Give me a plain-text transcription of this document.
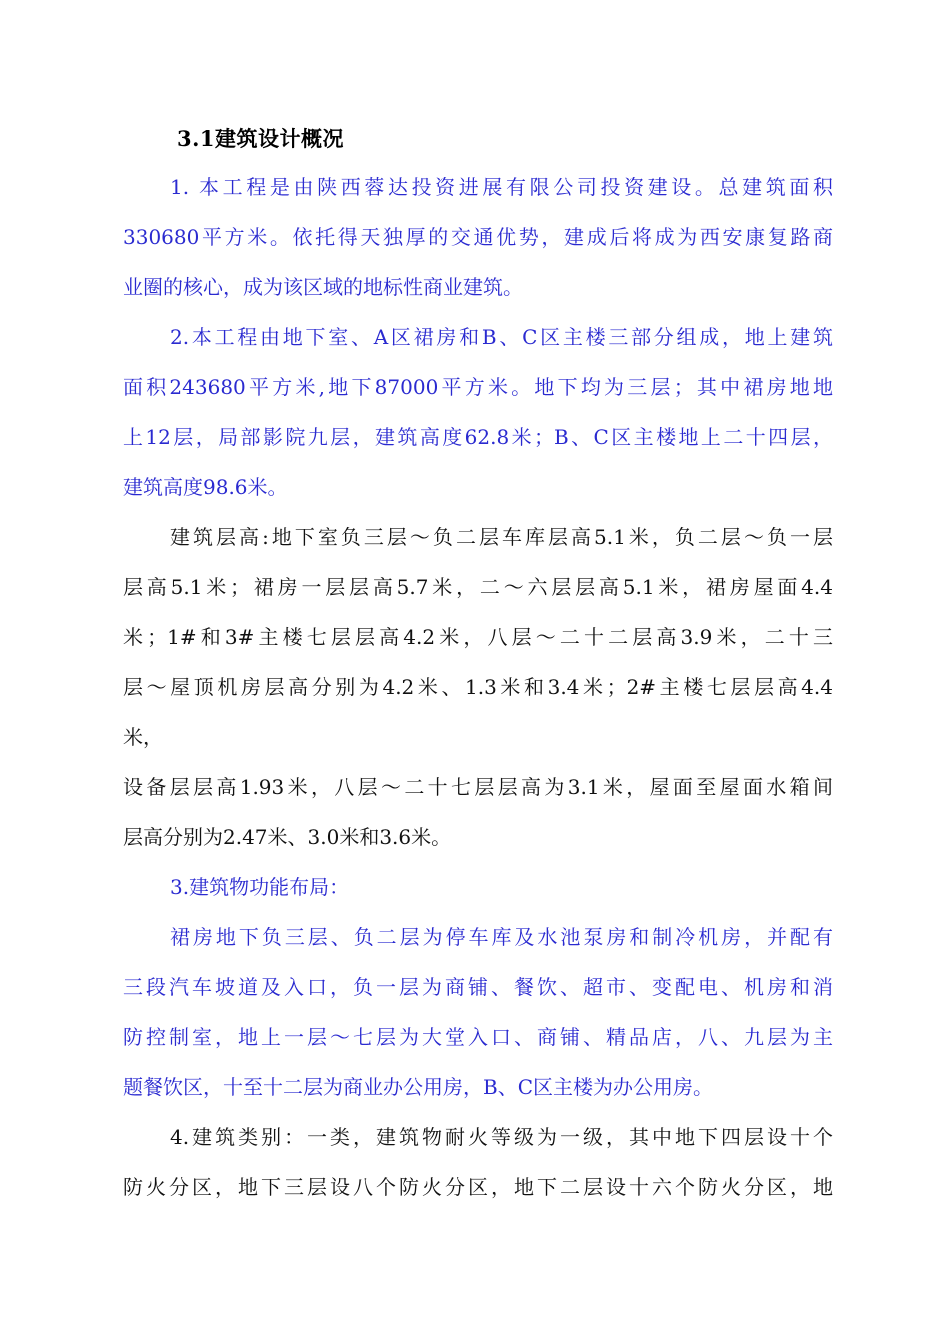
3.1建筑设计概况
1. 本工程是由陕西蓉达投资进展有限公司投资建设。总建筑面积
330680平方米。依托得天独厚的交通优势，建成后将成为西安康复路商
业圈的核心，成为该区域的地标性商业建筑。
2.本工程由地下室、A区裙房和B、C区主楼三部分组成，地上建筑
面积243680平方米,地下87000平方米。地下均为三层；其中裙房地地
上12层，局部影院九层，建筑高度62.8米；B、C区主楼地上二十四层，
建筑高度98.6米。
建筑层高:地下室负三层～负二层车库层高5.1米，负二层～负一层
层高5.1米；裙房一层层高5.7米，二～六层层高5.1米，裙房屋面4.4
米；1#和3#主楼七层层高4.2米，八层～二十二层高3.9米，二十三
层～屋顶机房层高分别为4.2米、1.3米和3.4米；2#主楼七层层高4.4
米，
设备层层高1.93米，八层～二十七层层高为3.1米，屋面至屋面水箱间
层高分别为2.47米、3.0米和3.6米。
3.建筑物功能布局：
裙房地下负三层、负二层为停车库及水池泵房和制冷机房，并配有
三段汽车坡道及入口，负一层为商铺、餐饮、超市、变配电、机房和消
防控制室，地上一层～七层为大堂入口、商铺、精品店，八、九层为主
题餐饮区，十至十二层为商业办公用房，B、C区主楼为办公用房。
4.建筑类别：一类，建筑物耐火等级为一级，其中地下四层设十个
防火分区，地下三层设八个防火分区，地下二层设十六个防火分区，地
